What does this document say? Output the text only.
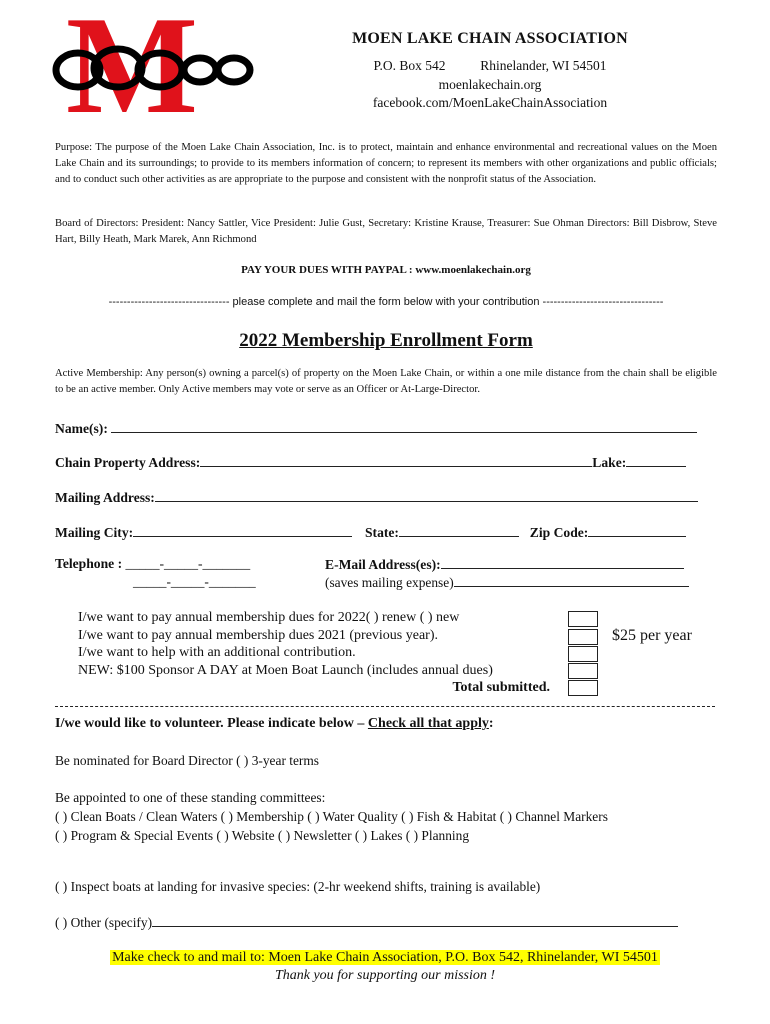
M	MOEN LAKE CHAIN ASSOCIATION
P.O. Box 542	Rhinelander, WI 54501
moenlakechain.org
facebook.com/MoenLakeChainAssociation
Purpose: The purpose of the Moen Lake Chain Association, Inc. is to protect, maintain and enhance environmental and recreational values on the Moen Lake Chain and its surroundings; to provide to its members information of concern; to represent its members with other organizations and public officials; and to conduct such other activities as are appropriate to the purpose and consistent with the nonprofit status of the Association.
Board of Directors: President: Nancy Sattler, Vice President: Julie Gust, Secretary: Kristine Krause, Treasurer: Sue Ohman Directors: Bill Disbrow, Steve Hart, Billy Heath, Mark Marek, Ann Richmond
PAY YOUR DUES WITH PAYPAL : www.moenlakechain.org
--------------------------------- please complete and mail the form below with your contribution ---------------------------------
2022 Membership Enrollment Form
Active Membership: Any person(s) owning a parcel(s) of property on the Moen Lake Chain, or within a one mile distance from the chain shall be eligible to be an active member. Only Active members may vote or serve as an Officer or At-Large-Director.
Name(s):
Chain Property Address:	Lake:
Mailing Address:
Mailing City:	State:	Zip Code:
Telephone : _____-_____-_______
_____-_____-_______
E-Mail Address(es):
(saves mailing expense)
I/we want to pay annual membership dues for 2022( ) renew ( ) new
I/we want to pay annual membership dues 2021 (previous year).
I/we want to help with an additional contribution.
NEW: $100 Sponsor A DAY at Moen Boat Launch (includes annual dues)
Total submitted.
$25 per year
I/we would like to volunteer. Please indicate below – Check all that apply:
Be nominated for Board Director ( ) 3-year terms
Be appointed to one of these standing committees:
( ) Clean Boats / Clean Waters ( ) Membership ( ) Water Quality ( ) Fish & Habitat ( ) Channel Markers
( ) Program & Special Events ( ) Website ( ) Newsletter ( ) Lakes ( ) Planning
( ) Inspect boats at landing for invasive species: (2-hr weekend shifts, training is available)
( ) Other (specify)
Make check to and mail to: Moen Lake Chain Association, P.O. Box 542, Rhinelander, WI 54501
Thank you for supporting our mission !
